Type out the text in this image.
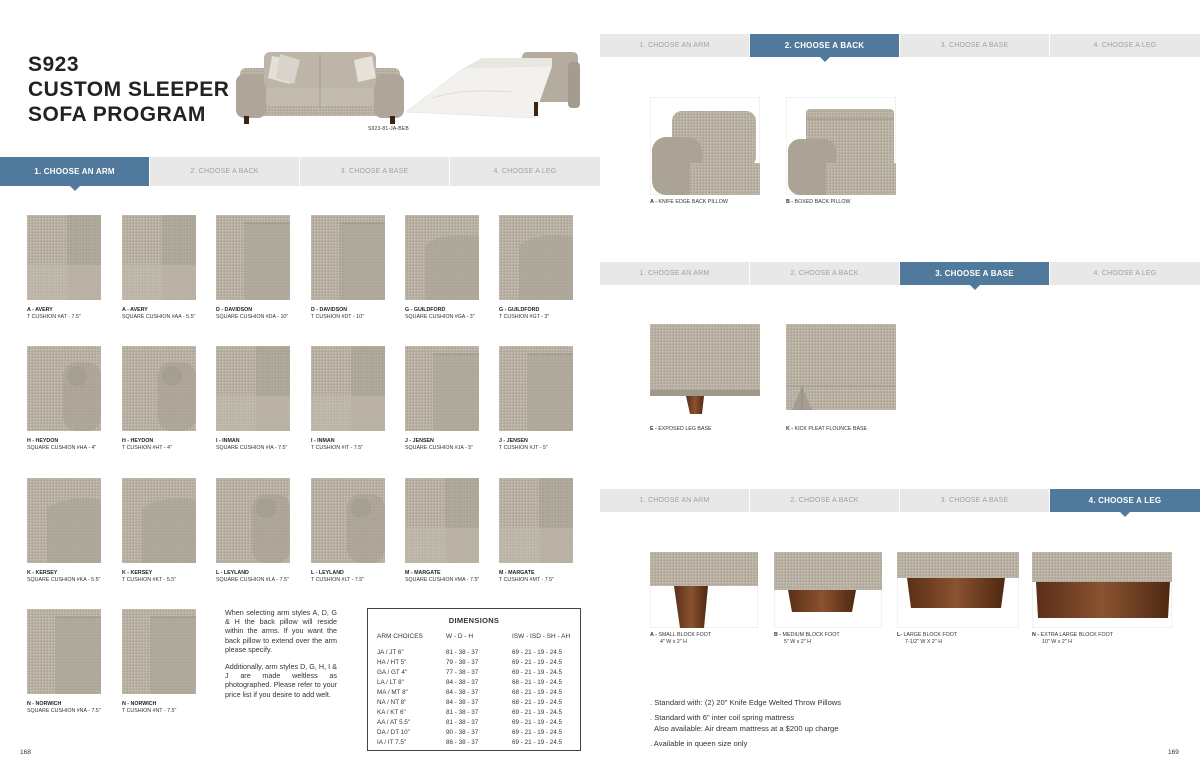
S923
CUSTOM SLEEPER
SOFA PROGRAM
S923-81-JA-BEB
1. CHOOSE AN ARM	2. CHOOSE A BACK	3. CHOOSE A BASE	4. CHOOSE A LEG
A - AVERY
T CUSHION #AT - 7.5"
A - AVERY
SQUARE CUSHION #AA - 5.5"
D - DAVIDSON
SQUARE CUSHION #DA - 10"
D - DAVIDSON
T CUSHION #DT - 10"
G - GUILDFORD
SQUARE CUSHION #GA - 3"
G - GUILDFORD
T CUSHION #GT - 3"
H - HEYDON
SQUARE CUSHION #HA - 4"
H - HEYDON
T CUSHION #HT - 4"
I - INMAN
SQUARE CUSHION #IA - 7.5"
I - INMAN
T CUSHION #IT - 7.5"
J - JENSEN
SQUARE CUSHION #JA - 5"
J - JENSEN
T CUSHION #JT - 5"
K - KERSEY
SQUARE CUSHION #KA - 5.5"
K - KERSEY
T CUSHION #KT - 5.5"
L - LEYLAND
SQUARE CUSHION #LA - 7.5"
L - LEYLAND
T CUSHION #LT - 7.5"
M - MARGATE
SQUARE CUSHION #MA - 7.5"
M - MARGATE
T CUSHION #MT - 7.5"
N - NORWICH
SQUARE CUSHION #NA - 7.5"
N - NORWICH
T CUSHION #NT - 7.5"

When selecting arm styles A, D, G & H the back pillow will reside within the arms. If you want the back pillow to extend over the arm please specify.

Additionally, arm styles D, G, H, I & J are made weltless as photographed. Please refer to your price list if you desire to add welt.

DIMENSIONS
ARM CHOICES	W - D - H	ISW - ISD - SH - AH
JA / JT 6"	81 - 38 - 37	69 - 21 - 19 - 24.5
HA / HT 5"	79 - 38 - 37	69 - 21 - 19 - 24.5
GA / GT 4"	77 - 38 - 37	69 - 21 - 19 - 24.5
LA / LT 8"	84 - 38 - 37	68 - 21 - 19 - 24.5
MA / MT 8"	84 - 38 - 37	68 - 21 - 19 - 24.5
NA / NT 8"	84 - 38 - 37	68 - 21 - 19 - 24.5
KA / KT 6"	81 - 38 - 37	69 - 21 - 19 - 24.5
AA / AT 5.5"	81 - 38 - 37	69 - 21 - 19 - 24.5
DA / DT 10"	90 - 38 - 37	69 - 21 - 19 - 24.5
IA / IT 7.5"	86 - 38 - 37	69 - 21 - 19 - 24.5
168
1. CHOOSE AN ARM	2. CHOOSE A BACK	3. CHOOSE A BASE	4. CHOOSE A LEG
A - KNIFE EDGE BACK PILLOW	B - BOXED BACK PILLOW
1. CHOOSE AN ARM	2. CHOOSE A BACK	3. CHOOSE A BASE	4. CHOOSE A LEG
E - EXPOSED LEG BASE	K - KICK PLEAT FLOUNCE BASE
1. CHOOSE AN ARM	2. CHOOSE A BACK	3. CHOOSE A BASE	4. CHOOSE A LEG
A - SMALL BLOCK FOOT
4" W x 2" H
B - MEDIUM BLOCK FOOT
5" W x 2" H
L- LARGE BLOCK FOOT
7-1/2" W X 2" H
N - EXTRA LARGE BLOCK FOOT
10" W x 2" H
. Standard with: (2) 20" Knife Edge Welted Throw Pillows
. Standard with 6" inter coil spring mattress
Also available: Air dream mattress at a $200 up charge
. Available in queen size only
169
